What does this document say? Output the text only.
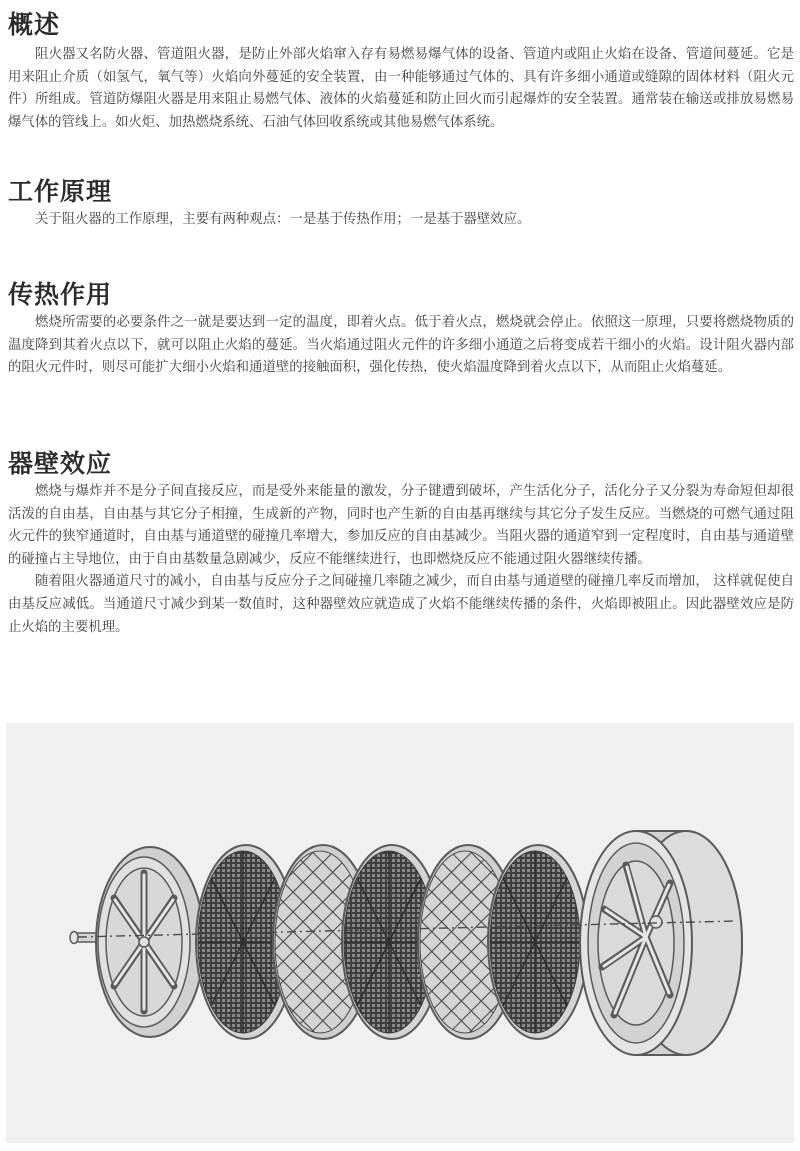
概述

阻火器又名防火器、管道阻火器，是防止外部火焰窜入存有易燃易爆气体的设备、管道内或阻止火焰在设备、管道间蔓延。它是用来阻止介质（如氢气，氧气等）火焰向外蔓延的安全装置，由一种能够通过气体的、具有许多细小通道或缝隙的固体材料（阻火元件）所组成。管道防爆阻火器是用来阻止易燃气体、液体的火焰蔓延和防止回火而引起爆炸的安全装置。通常装在输送或排放易燃易爆气体的管线上。如火炬、加热燃烧系统、石油气体回收系统或其他易燃气体系统。

工作原理

关于阻火器的工作原理，主要有两种观点：一是基于传热作用；一是基于器壁效应。

传热作用

燃烧所需要的必要条件之一就是要达到一定的温度，即着火点。低于着火点，燃烧就会停止。依照这一原理，只要将燃烧物质的温度降到其着火点以下，就可以阻止火焰的蔓延。当火焰通过阻火元件的许多细小通道之后将变成若干细小的火焰。设计阻火器内部的阻火元件时，则尽可能扩大细小火焰和通道壁的接触面积，强化传热，使火焰温度降到着火点以下，从而阻止火焰蔓延。

器壁效应

燃烧与爆炸并不是分子间直接反应，而是受外来能量的激发，分子键遭到破坏，产生活化分子，活化分子又分裂为寿命短但却很活泼的自由基，自由基与其它分子相撞，生成新的产物，同时也产生新的自由基再继续与其它分子发生反应。当燃烧的可燃气通过阻火元件的狭窄通道时，自由基与通道壁的碰撞几率增大，参加反应的自由基减少。当阻火器的通道窄到一定程度时，自由基与通道壁的碰撞占主导地位，由于自由基数量急剧减少，反应不能继续进行，也即燃烧反应不能通过阻火器继续传播。

随着阻火器通道尺寸的减小，自由基与反应分子之间碰撞几率随之减少，而自由基与通道壁的碰撞几率反而增加， 这样就促使自由基反应减低。当通道尺寸减少到某一数值时，这种器壁效应就造成了火焰不能继续传播的条件，火焰即被阻止。因此器壁效应是防止火焰的主要机理。
